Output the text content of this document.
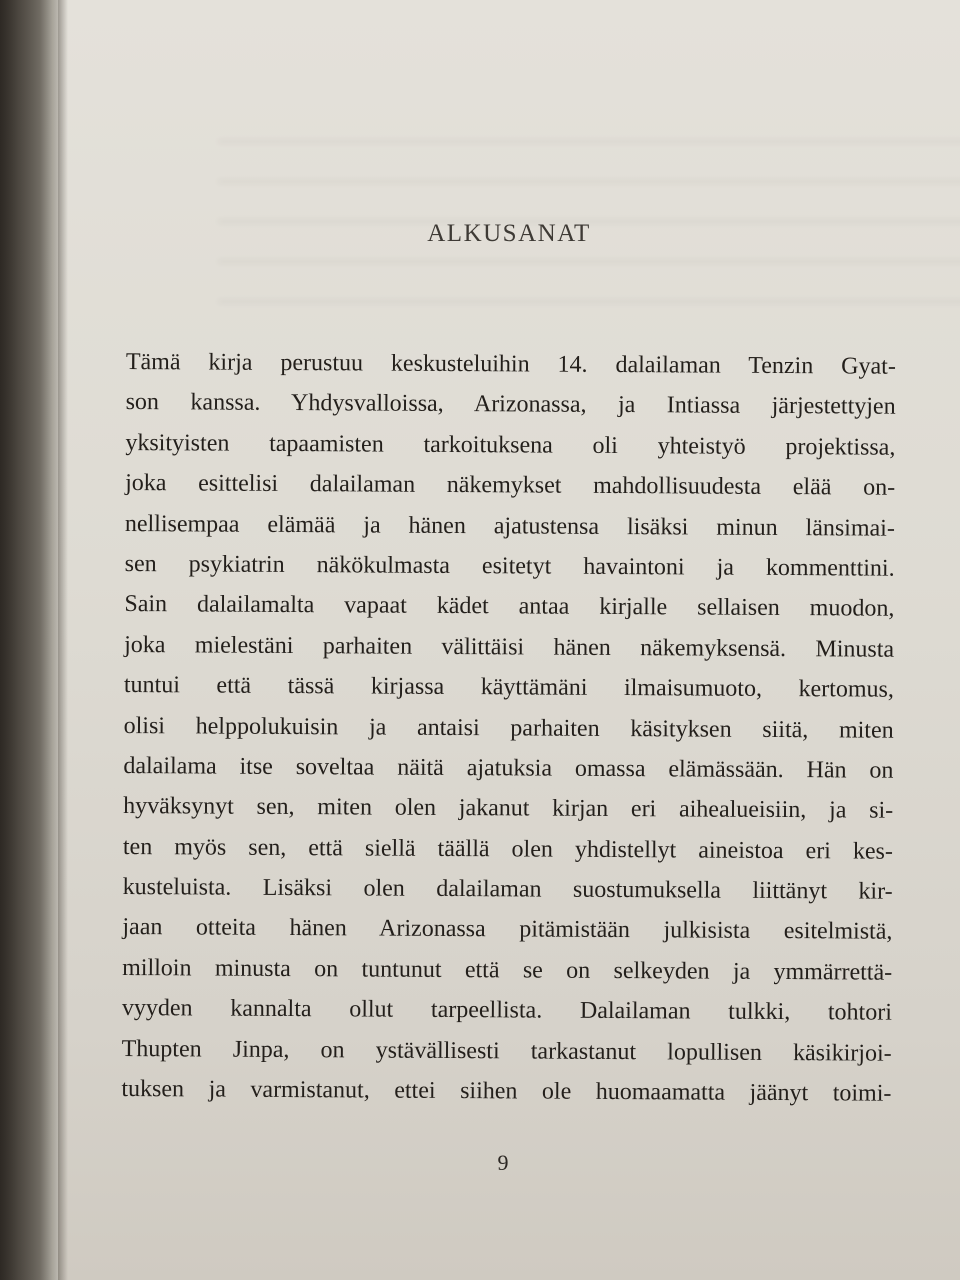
ALKUSANAT
Tämä kirja perustuu keskusteluihin 14. dalailaman Tenzin Gyat-
son kanssa. Yhdysvalloissa, Arizonassa, ja Intiassa järjestettyjen
yksityisten tapaamisten tarkoituksena oli yhteistyö projektissa,
joka esittelisi dalailaman näkemykset mahdollisuudesta elää on-
nellisempaa elämää ja hänen ajatustensa lisäksi minun länsimai-
sen psykiatrin näkökulmasta esitetyt havaintoni ja kommenttini.
Sain dalailamalta vapaat kädet antaa kirjalle sellaisen muodon,
joka mielestäni parhaiten välittäisi hänen näkemyksensä. Minusta
tuntui että tässä kirjassa käyttämäni ilmaisumuoto, kertomus,
olisi helppolukuisin ja antaisi parhaiten käsityksen siitä, miten
dalailama itse soveltaa näitä ajatuksia omassa elämässään. Hän on
hyväksynyt sen, miten olen jakanut kirjan eri aihealueisiin, ja si-
ten myös sen, että siellä täällä olen yhdistellyt aineistoa eri kes-
kusteluista. Lisäksi olen dalailaman suostumuksella liittänyt kir-
jaan otteita hänen Arizonassa pitämistään julkisista esitelmistä,
milloin minusta on tuntunut että se on selkeyden ja ymmärrettä-
vyyden kannalta ollut tarpeellista. Dalailaman tulkki, tohtori
Thupten Jinpa, on ystävällisesti tarkastanut lopullisen käsikirjoi-
tuksen ja varmistanut, ettei siihen ole huomaamatta jäänyt toimi-
9
